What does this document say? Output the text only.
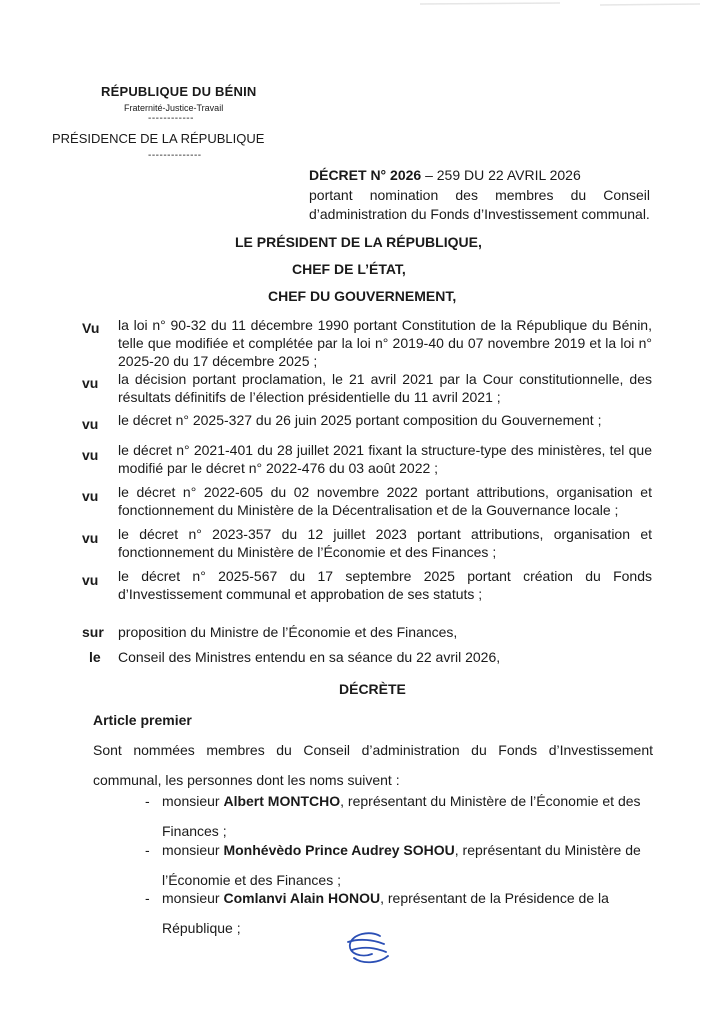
RÉPUBLIQUE DU BÉNIN
Fraternité-Justice-Travail
------------
PRÉSIDENCE DE LA RÉPUBLIQUE
--------------
DÉCRET N° 2026 – 259 DU 22 AVRIL 2026
portant nomination des membres du Conseil d’administration du Fonds d’Investissement communal.
LE PRÉSIDENT DE LA RÉPUBLIQUE,
CHEF DE L’ÉTAT,
CHEF DU GOUVERNEMENT,
Vu la loi n° 90-32 du 11 décembre 1990 portant Constitution de la République du Bénin, telle que modifiée et complétée par la loi n° 2019-40 du 07 novembre 2019 et la loi n° 2025-20 du 17 décembre 2025 ;
vu la décision portant proclamation, le 21 avril 2021 par la Cour constitutionnelle, des résultats définitifs de l’élection présidentielle du 11 avril 2021 ;
vu le décret n° 2025-327 du 26 juin 2025 portant composition du Gouvernement ;
vu le décret n° 2021-401 du 28 juillet 2021 fixant la structure-type des ministères, tel que modifié par le décret n° 2022-476 du 03 août 2022 ;
vu le décret n° 2022-605 du 02 novembre 2022 portant attributions, organisation et fonctionnement du Ministère de la Décentralisation et de la Gouvernance locale ;
vu le décret n° 2023-357 du 12 juillet 2023 portant attributions, organisation et fonctionnement du Ministère de l’Économie et des Finances ;
vu le décret n° 2025-567 du 17 septembre 2025 portant création du Fonds d’Investissement communal et approbation de ses statuts ;
sur proposition du Ministre de l’Économie et des Finances,
le Conseil des Ministres entendu en sa séance du 22 avril 2026,
DÉCRÈTE
Article premier
Sont nommées membres du Conseil d’administration du Fonds d’Investissement communal, les personnes dont les noms suivent :
- monsieur Albert MONTCHO, représentant du Ministère de l’Économie et des
Finances ;
- monsieur Monhévèdo Prince Audrey SOHOU, représentant du Ministère de
l’Économie et des Finances ;
- monsieur Comlanvi Alain HONOU, représentant de la Présidence de la
République ;
